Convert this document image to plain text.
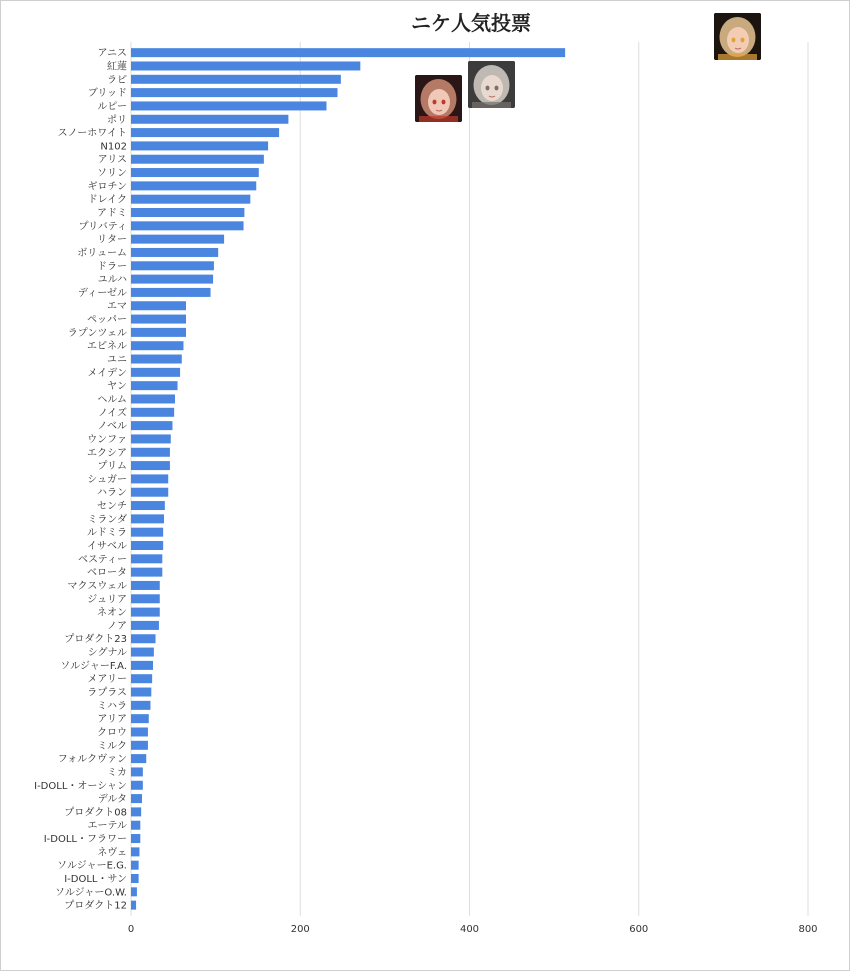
ニケ人気投票
0	200	400	600	800
アニス
紅蓮
ラピ
ブリッド
ルピー
ポリ
スノーホワイト
N102
アリス
ソリン
ギロチン
ドレイク
アドミ
プリバティ
リター
ボリューム
ドラー
ユルハ
ディーゼル
エマ
ペッパー
ラプンツェル
エピネル
ユニ
メイデン
ヤン
ヘルム
ノイズ
ノベル
ウンファ
エクシア
プリム
シュガー
ハラン
センチ
ミランダ
ルドミラ
イサベル
ベスティー
ベロータ
マクスウェル
ジュリア
ネオン
ノア
プロダクト23
シグナル
ソルジャーF.A.
メアリー
ラプラス
ミハラ
アリア
クロウ
ミルク
フォルクヴァン
ミカ
I-DOLL・オーシャン
デルタ
プロダクト08
エーテル
I-DOLL・フラワー
ネヴェ
ソルジャーE.G.
I-DOLL・サン
ソルジャーO.W.
プロダクト12
